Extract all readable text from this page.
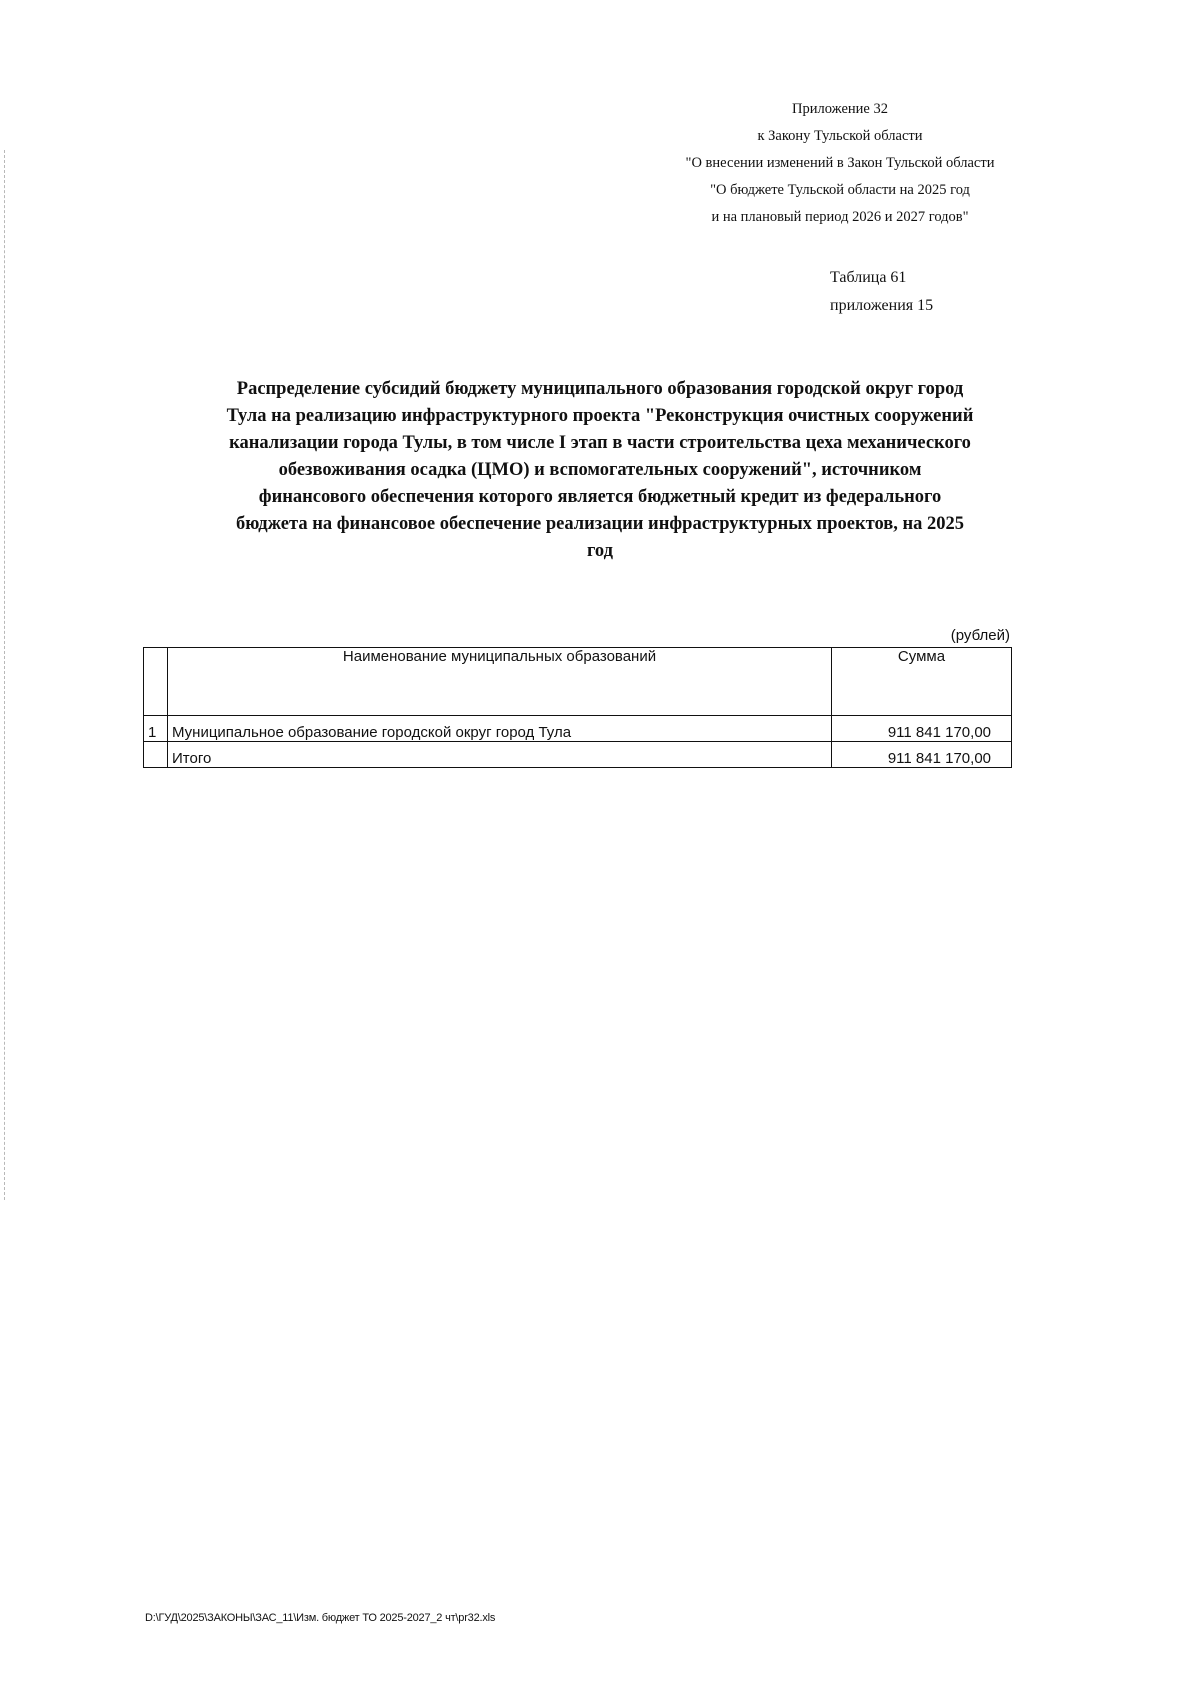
Приложение 32
к Закону Тульской области
"О внесении изменений в Закон Тульской области
"О бюджете Тульской области на 2025 год
и на плановый период 2026 и 2027 годов"
Таблица 61
приложения 15
Распределение субсидий бюджету муниципального образования городской округ город
Тула на реализацию инфраструктурного проекта "Реконструкция очистных сооружений
канализации города Тулы, в том числе I этап в части строительства цеха механического
обезвоживания осадка (ЦМО) и вспомогательных сооружений", источником
финансового обеспечения которого является бюджетный кредит из федерального
бюджета на финансовое обеспечение реализации инфраструктурных проектов, на 2025
год
(рублей)
	Наименование муниципальных образований	Сумма
1	Муниципальное образование городской округ город Тула	911 841 170,00
	Итого	911 841 170,00
D:\ГУД\2025\ЗАКОНЫ\ЗАС_11\Изм. бюджет ТО 2025-2027_2 чт\pr32.xls
